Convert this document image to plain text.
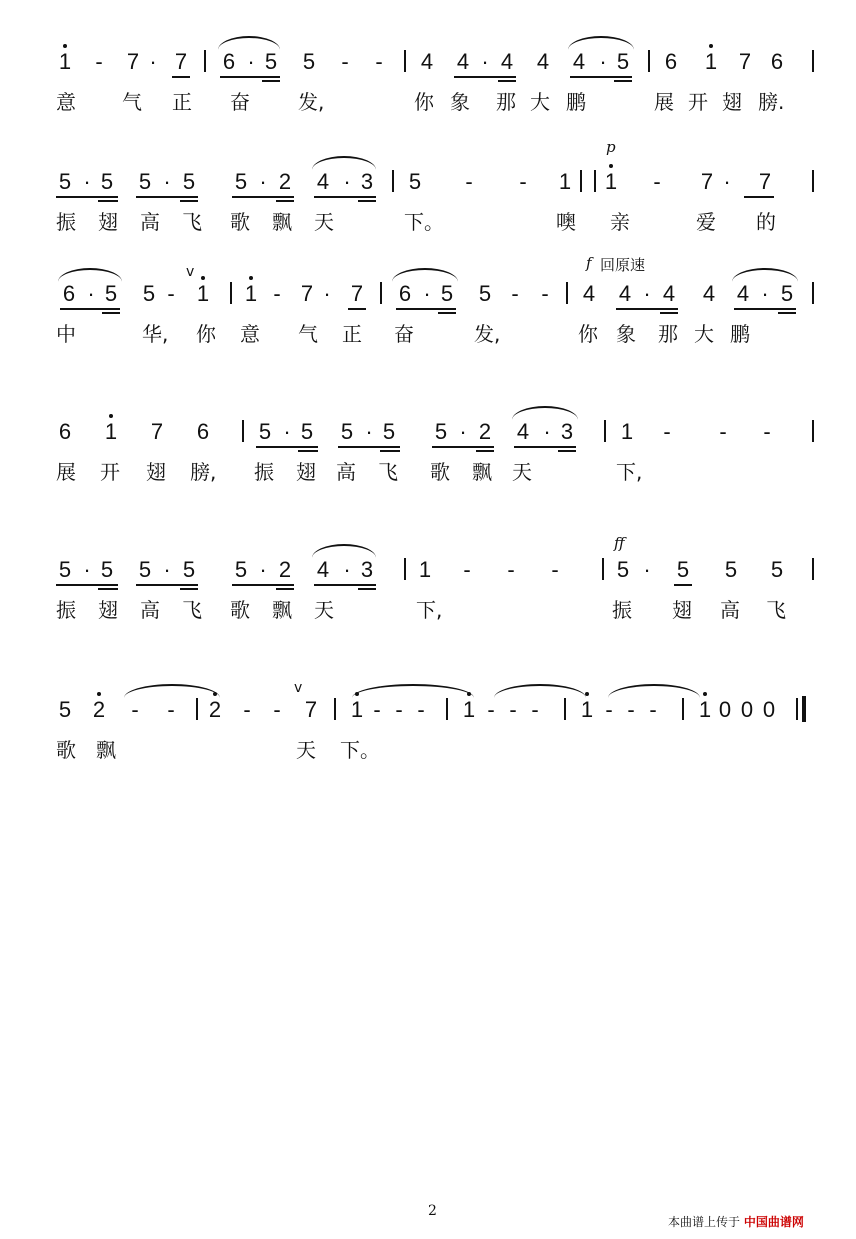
1 - 7 · 7 6 · 5 5 - - 4 4 · 4 4 4 · 5 6 1 7 6
意 气 正 奋 发,	你 象 那 大 鹏	展 开 翅 膀.
p
5 · 5 5 · 5 5 · 2 4 · 3 5 - - 1 1 - 7 · 7
振 翅 高 飞 歌 飘 天	下。	噢 亲	爱 的
f 回原速
6 · 5 5 -
v
1 1 - 7 · 7 6 · 5 5 - - 4 4 · 4 4 4 · 5
中	华, 你 意 气 正 奋	发,	你 象 那 大 鹏
6 1 7 6 5 · 5 5 · 5 5 · 2 4 · 3 1 - - -
展 开 翅 膀, 振 翅 高 飞 歌 飘 天	下,
ff
5 · 5 5 · 5 5 · 2 4 · 3 1 - - -	5 · 5 5 5
振 翅 高 飞 歌 飘 天	下,	振 翅 高 飞
5 2 - - 2 - -
v
7 1 - - - 1 - - - 1 - - - 1 0 0 0
歌 飘	天 下。
2
本曲谱上传于 中国曲谱网
